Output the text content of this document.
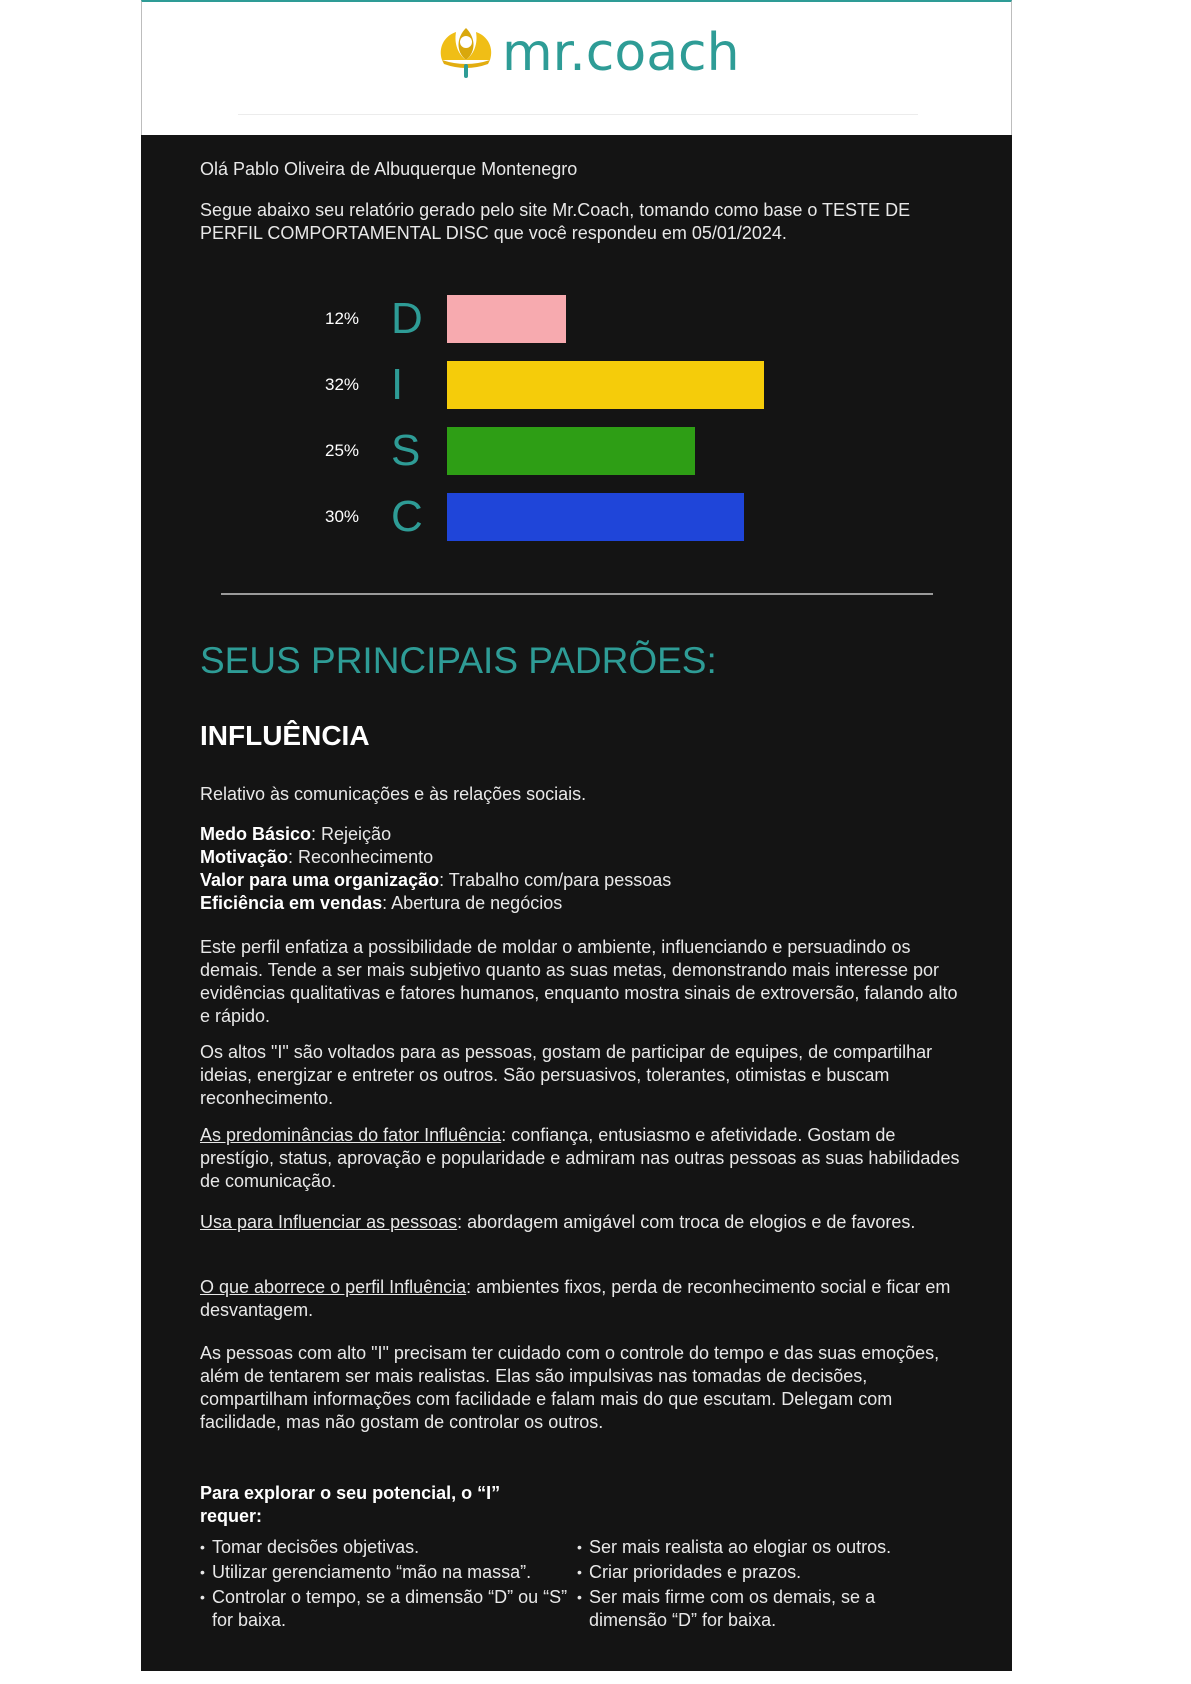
mr.coach
Olá Pablo Oliveira de Albuquerque Montenegro
Segue abaixo seu relatório gerado pelo site Mr.Coach, tomando como base o TESTE DE PERFIL COMPORTAMENTAL DISC que você respondeu em 05/01/2024.
12% D
32% I
25% S
30% C
SEUS PRINCIPAIS PADRÕES:
INFLUÊNCIA
Relativo às comunicações e às relações sociais.
Medo Básico: Rejeição
Motivação: Reconhecimento
Valor para uma organização: Trabalho com/para pessoas
Eficiência em vendas: Abertura de negócios
Este perfil enfatiza a possibilidade de moldar o ambiente, influenciando e persuadindo os demais. Tende a ser mais subjetivo quanto as suas metas, demonstrando mais interesse por evidências qualitativas e fatores humanos, enquanto mostra sinais de extroversão, falando alto e rápido.
Os altos "I" são voltados para as pessoas, gostam de participar de equipes, de compartilhar ideias, energizar e entreter os outros. São persuasivos, tolerantes, otimistas e buscam reconhecimento.
As predominâncias do fator Influência: confiança, entusiasmo e afetividade. Gostam de prestígio, status, aprovação e popularidade e admiram nas outras pessoas as suas habilidades de comunicação.
Usa para Influenciar as pessoas: abordagem amigável com troca de elogios e de favores.
O que aborrece o perfil Influência: ambientes fixos, perda de reconhecimento social e ficar em desvantagem.
As pessoas com alto "I" precisam ter cuidado com o controle do tempo e das suas emoções, além de tentarem ser mais realistas. Elas são impulsivas nas tomadas de decisões, compartilham informações com facilidade e falam mais do que escutam. Delegam com facilidade, mas não gostam de controlar os outros.
Para explorar o seu potencial, o “I” requer:
• Tomar decisões objetivas.
• Utilizar gerenciamento “mão na massa”.
• Controlar o tempo, se a dimensão “D” ou “S” for baixa.
• Ser mais realista ao elogiar os outros.
• Criar prioridades e prazos.
• Ser mais firme com os demais, se a dimensão “D” for baixa.
